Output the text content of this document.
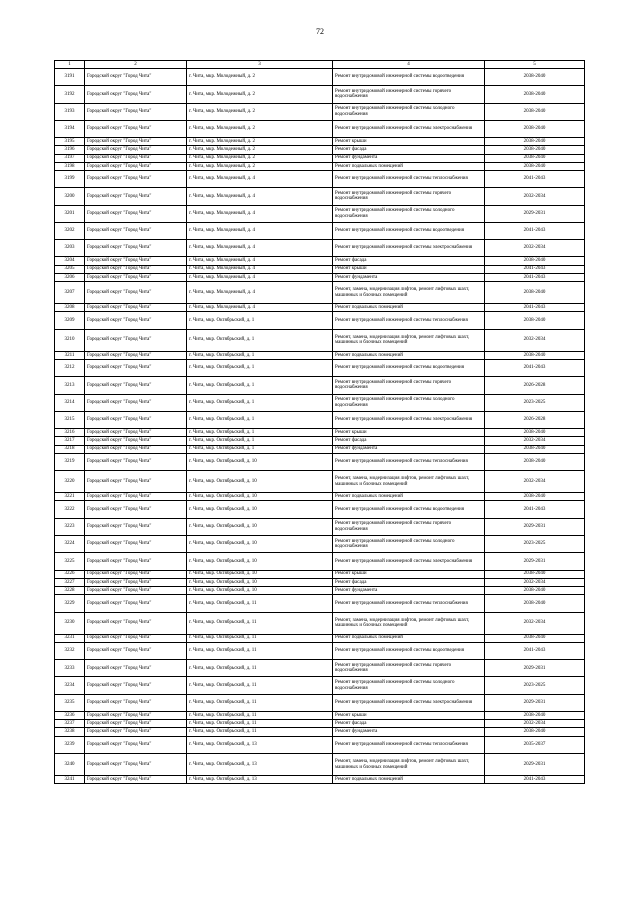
72
1	2	3	4	5
3191	Городской округ "Город Чита"	г. Чита, мкр. Молодежный, д. 2	Ремонт внутридомовой инженерной системы водоотведения	2038-2040
3192	Городской округ "Город Чита"	г. Чита, мкр. Молодежный, д. 2	Ремонт внутридомовой инженерной системы горячего водоснабжения	2038-2040
3193	Городской округ "Город Чита"	г. Чита, мкр. Молодежный, д. 2	Ремонт внутридомовой инженерной системы холодного водоснабжения	2038-2040
3194	Городской округ "Город Чита"	г. Чита, мкр. Молодежный, д. 2	Ремонт внутридомовой инженерной системы электроснабжения	2038-2040
3195	Городской округ "Город Чита"	г. Чита, мкр. Молодежный, д. 2	Ремонт крыши	2038-2040
3196	Городской округ "Город Чита"	г. Чита, мкр. Молодежный, д. 2	Ремонт фасада	2038-2040
3197	Городской округ "Город Чита"	г. Чита, мкр. Молодежный, д. 2	Ремонт фундамента	2038-2040
3198	Городской округ "Город Чита"	г. Чита, мкр. Молодежный, д. 2	Ремонт подвальных помещений	2038-2040
3199	Городской округ "Город Чита"	г. Чита, мкр. Молодежный, д. 4	Ремонт внутридомовой инженерной системы теплоснабжения	2041-2043
3200	Городской округ "Город Чита"	г. Чита, мкр. Молодежный, д. 4	Ремонт внутридомовой инженерной системы горячего водоснабжения	2032-2034
3201	Городской округ "Город Чита"	г. Чита, мкр. Молодежный, д. 4	Ремонт внутридомовой инженерной системы холодного водоснабжения	2029-2031
3202	Городской округ "Город Чита"	г. Чита, мкр. Молодежный, д. 4	Ремонт внутридомовой инженерной системы водоотведения	2041-2043
3203	Городской округ "Город Чита"	г. Чита, мкр. Молодежный, д. 4	Ремонт внутридомовой инженерной системы электроснабжения	2032-2034
3204	Городской округ "Город Чита"	г. Чита, мкр. Молодежный, д. 4	Ремонт фасада	2038-2040
3205	Городской округ "Город Чита"	г. Чита, мкр. Молодежный, д. 4	Ремонт крыши	2041-2043
3206	Городской округ "Город Чита"	г. Чита, мкр. Молодежный, д. 4	Ремонт фундамента	2041-2043
3207	Городской округ "Город Чита"	г. Чита, мкр. Молодежный, д. 4	Ремонт, замена, модернизация лифтов, ремонт лифтовых шахт, машинных и блочных помещений	2038-2040
3208	Городской округ "Город Чита"	г. Чита, мкр. Молодежный, д. 4	Ремонт подвальных помещений	2041-2043
3209	Городской округ "Город Чита"	г. Чита, мкр. Октябрьский, д. 1	Ремонт внутридомовой инженерной системы теплоснабжения	2038-2040
3210	Городской округ "Город Чита"	г. Чита, мкр. Октябрьский, д. 1	Ремонт, замена, модернизация лифтов, ремонт лифтовых шахт, машинных и блочных помещений	2032-2034
3211	Городской округ "Город Чита"	г. Чита, мкр. Октябрьский, д. 1	Ремонт подвальных помещений	2038-2040
3212	Городской округ "Город Чита"	г. Чита, мкр. Октябрьский, д. 1	Ремонт внутридомовой инженерной системы водоотведения	2041-2043
3213	Городской округ "Город Чита"	г. Чита, мкр. Октябрьский, д. 1	Ремонт внутридомовой инженерной системы горячего водоснабжения	2026-2028
3214	Городской округ "Город Чита"	г. Чита, мкр. Октябрьский, д. 1	Ремонт внутридомовой инженерной системы холодного водоснабжения	2023-2025
3215	Городской округ "Город Чита"	г. Чита, мкр. Октябрьский, д. 1	Ремонт внутридомовой инженерной системы электроснабжения	2026-2028
3216	Городской округ "Город Чита"	г. Чита, мкр. Октябрьский, д. 1	Ремонт крыши	2038-2040
3217	Городской округ "Город Чита"	г. Чита, мкр. Октябрьский, д. 1	Ремонт фасада	2032-2034
3218	Городской округ "Город Чита"	г. Чита, мкр. Октябрьский, д. 1	Ремонт фундамента	2038-2040
3219	Городской округ "Город Чита"	г. Чита, мкр. Октябрьский, д. 10	Ремонт внутридомовой инженерной системы теплоснабжения	2038-2040
3220	Городской округ "Город Чита"	г. Чита, мкр. Октябрьский, д. 10	Ремонт, замена, модернизация лифтов, ремонт лифтовых шахт, машинных и блочных помещений	2032-2034
3221	Городской округ "Город Чита"	г. Чита, мкр. Октябрьский, д. 10	Ремонт подвальных помещений	2038-2040
3222	Городской округ "Город Чита"	г. Чита, мкр. Октябрьский, д. 10	Ремонт внутридомовой инженерной системы водоотведения	2041-2043
3223	Городской округ "Город Чита"	г. Чита, мкр. Октябрьский, д. 10	Ремонт внутридомовой инженерной системы горячего водоснабжения	2029-2031
3224	Городской округ "Город Чита"	г. Чита, мкр. Октябрьский, д. 10	Ремонт внутридомовой инженерной системы холодного водоснабжения	2023-2025
3225	Городской округ "Город Чита"	г. Чита, мкр. Октябрьский, д. 10	Ремонт внутридомовой инженерной системы электроснабжения	2029-2031
3226	Городской округ "Город Чита"	г. Чита, мкр. Октябрьский, д. 10	Ремонт крыши	2038-2040
3227	Городской округ "Город Чита"	г. Чита, мкр. Октябрьский, д. 10	Ремонт фасада	2032-2034
3228	Городской округ "Город Чита"	г. Чита, мкр. Октябрьский, д. 10	Ремонт фундамента	2038-2040
3229	Городской округ "Город Чита"	г. Чита, мкр. Октябрьский, д. 11	Ремонт внутридомовой инженерной системы теплоснабжения	2038-2040
3230	Городской округ "Город Чита"	г. Чита, мкр. Октябрьский, д. 11	Ремонт, замена, модернизация лифтов, ремонт лифтовых шахт, машинных и блочных помещений	2032-2034
3231	Городской округ "Город Чита"	г. Чита, мкр. Октябрьский, д. 11	Ремонт подвальных помещений	2038-2040
3232	Городской округ "Город Чита"	г. Чита, мкр. Октябрьский, д. 11	Ремонт внутридомовой инженерной системы водоотведения	2041-2043
3233	Городской округ "Город Чита"	г. Чита, мкр. Октябрьский, д. 11	Ремонт внутридомовой инженерной системы горячего водоснабжения	2029-2031
3234	Городской округ "Город Чита"	г. Чита, мкр. Октябрьский, д. 11	Ремонт внутридомовой инженерной системы холодного водоснабжения	2023-2025
3235	Городской округ "Город Чита"	г. Чита, мкр. Октябрьский, д. 11	Ремонт внутридомовой инженерной системы электроснабжения	2029-2031
3236	Городской округ "Город Чита"	г. Чита, мкр. Октябрьский, д. 11	Ремонт крыши	2038-2040
3237	Городской округ "Город Чита"	г. Чита, мкр. Октябрьский, д. 11	Ремонт фасада	2032-2034
3238	Городской округ "Город Чита"	г. Чита, мкр. Октябрьский, д. 11	Ремонт фундамента	2038-2040
3239	Городской округ "Город Чита"	г. Чита, мкр. Октябрьский, д. 13	Ремонт внутридомовой инженерной системы теплоснабжения	2035-2037
3240	Городской округ "Город Чита"	г. Чита, мкр. Октябрьский, д. 13	Ремонт, замена, модернизация лифтов, ремонт лифтовых шахт, машинных и блочных помещений	2029-2031
3241	Городской округ "Город Чита"	г. Чита, мкр. Октябрьский, д. 13	Ремонт подвальных помещений	2041-2043
